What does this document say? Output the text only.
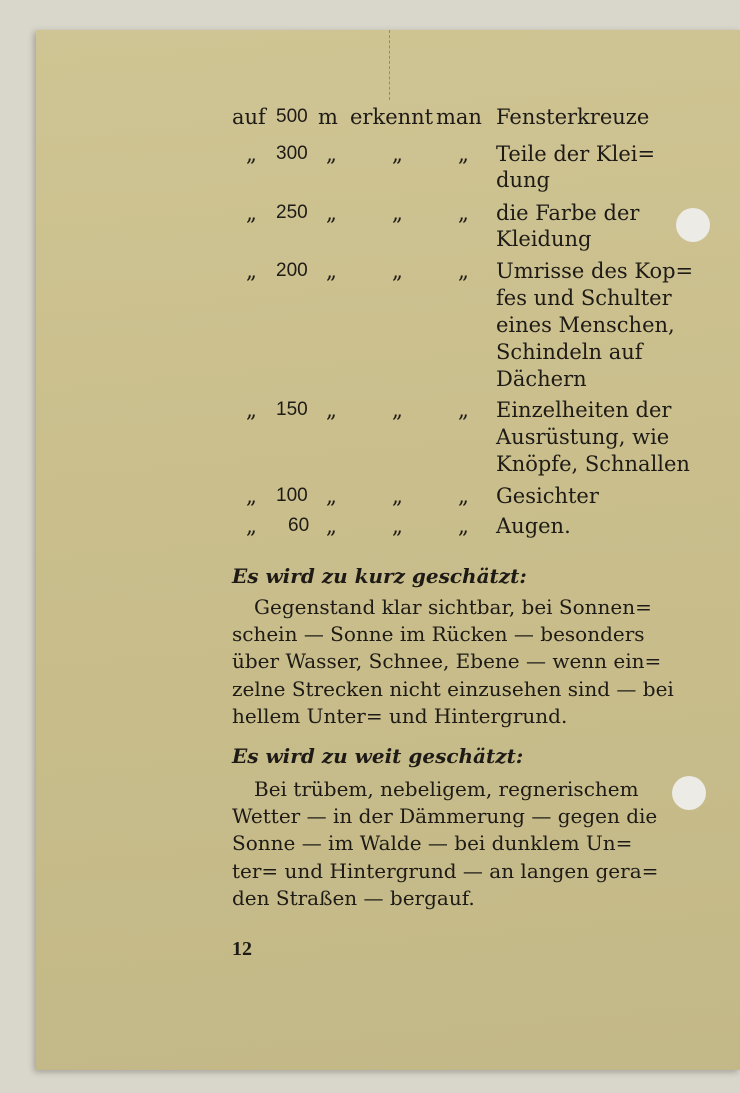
auf 500 m erkennt man Fensterkreuze
„ 300 „	„	„ Teile der Klei=
dung
„ 250 „	„	„ die Farbe der
Kleidung
„ 200 „	„	„ Umrisse des Kop=
fes und Schulter
eines Menschen,
Schindeln auf
Dächern
„ 150 „	„	„ Einzelheiten der
Ausrüstung, wie
Knöpfe, Schnallen
„ 100 „	„	„ Gesichter
„ 60 „	„	„ Augen.
Es wird zu kurz geschätzt:
Gegenstand klar sichtbar, bei Sonnen=
schein — Sonne im Rücken — besonders
über Wasser, Schnee, Ebene — wenn ein=
zelne Strecken nicht einzusehen sind — bei
hellem Unter= und Hintergrund.
Es wird zu weit geschätzt:
Bei trübem, nebeligem, regnerischem
Wetter — in der Dämmerung — gegen die
Sonne — im Walde — bei dunklem Un=
ter= und Hintergrund — an langen gera=
den Straßen — bergauf.
12
